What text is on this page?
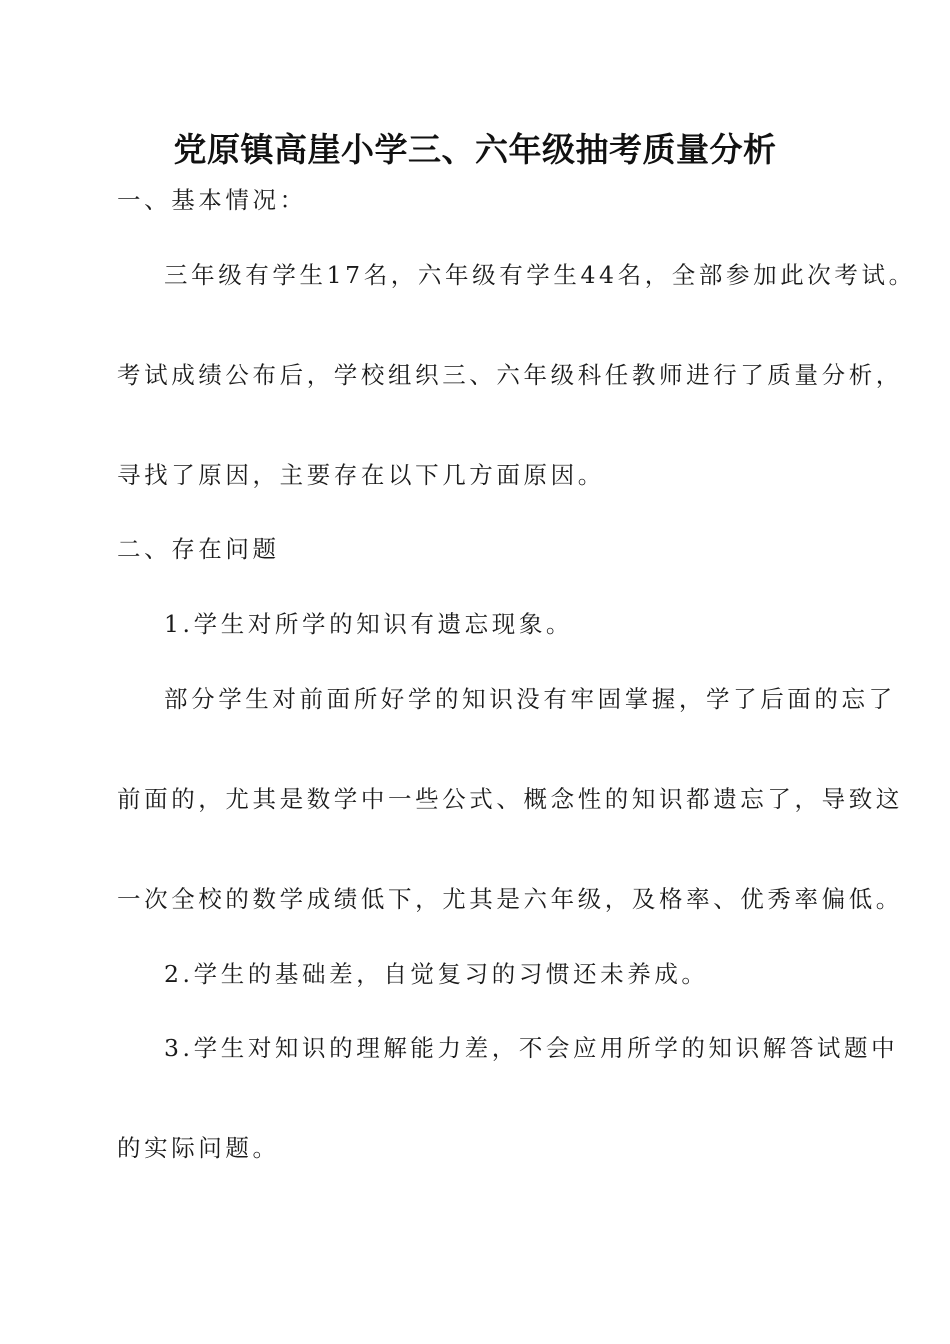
党原镇高崖小学三、六年级抽考质量分析
一、基本情况：
三年级有学生17名，六年级有学生44名，全部参加此次考试。
考试成绩公布后，学校组织三、六年级科任教师进行了质量分析，
寻找了原因，主要存在以下几方面原因。
二、存在问题
1.学生对所学的知识有遗忘现象。
部分学生对前面所好学的知识没有牢固掌握，学了后面的忘了
前面的，尤其是数学中一些公式、概念性的知识都遗忘了，导致这
一次全校的数学成绩低下，尤其是六年级，及格率、优秀率偏低。
2.学生的基础差，自觉复习的习惯还未养成。
3.学生对知识的理解能力差，不会应用所学的知识解答试题中
的实际问题。
